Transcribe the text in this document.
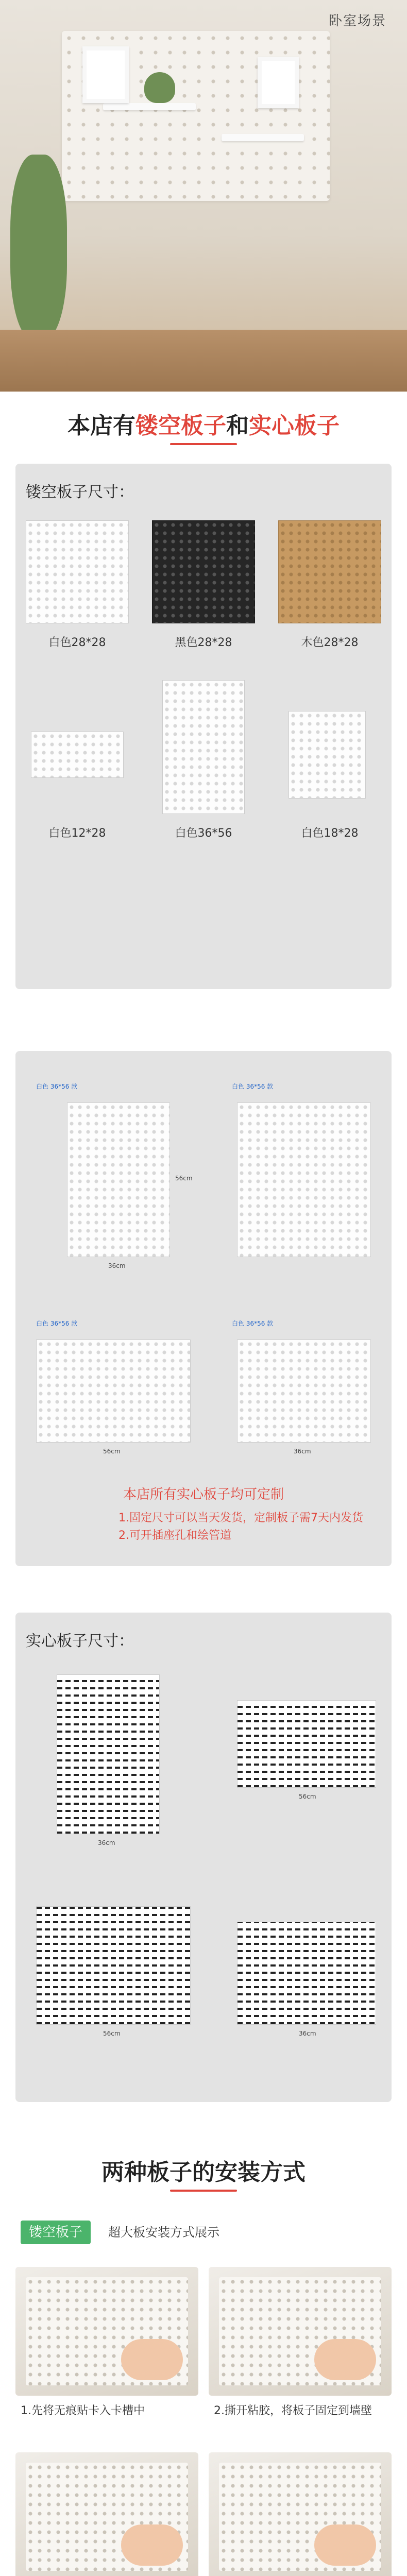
卧室场景
本店有镂空板子和实心板子
镂空板子尺寸：
白色28*28	黑色28*28	木色28*28
白色12*28	白色36*56	白色18*28
白色 36*56 款
36cm
56cm
白色 36*56 款
白色 36*56 款
56cm
白色 36*56 款
36cm
本店所有实心板子均可定制
1.固定尺寸可以当天发货，定制板子需7天内发货
2.可开插座孔和绘管道
实心板子尺寸：
36cm
56cm
56cm	36cm
两种板子的安装方式
镂空板子	超大板安装方式展示
1.先将无痕贴卡入卡槽中	2.撕开粘胶，将板子固定到墙壁
